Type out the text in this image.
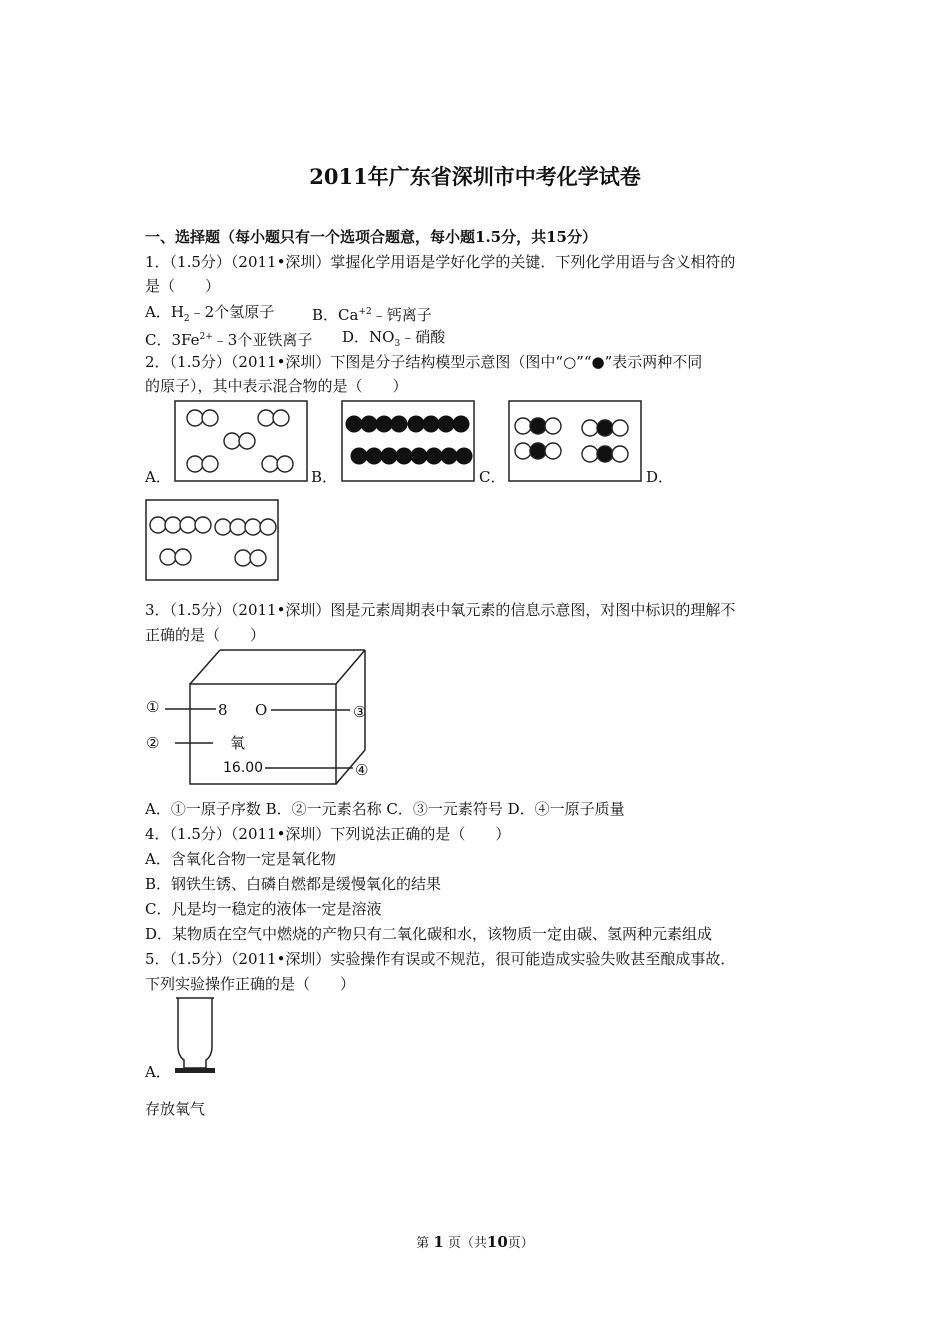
2011年广东省深圳市中考化学试卷
一、选择题（每小题只有一个选项合题意，每小题1.5分，共15分）
1．（1.5分）（2011•深圳）掌握化学用语是学好化学的关键．下列化学用语与含义相符的
是（　　）
A．$H_2﹣2$个氢原子	B．$Ca^{+2}﹣$钙离子
C．$3Fe^{2+}﹣3$个亚铁离子 D．$NO_3﹣$硝酸
2．（1.5分）（2011•深圳）下图是分子结构模型示意图（图中“○”“●”表示两种不同
的原子），其中表示混合物的是（　　）
A．	B．	C．	D．
3．（1.5分）（2011•深圳）图是元素周期表中氧元素的信息示意图，对图中标识的理解不
正确的是（　　）
8 O
氧
16.00
①
②
③
④
A．①一原子序数 B．②一元素名称 C．③一元素符号 D．④一原子质量
4．（1.5分）（2011•深圳）下列说法正确的是（　　）
A．含氧化合物一定是氧化物
B．钢铁生锈、白磷自燃都是缓慢氧化的结果
C．凡是均一稳定的液体一定是溶液
D．某物质在空气中燃烧的产物只有二氧化碳和水，该物质一定由碳、氢两种元素组成
5．（1.5分）（2011•深圳）实验操作有误或不规范，很可能造成实验失败甚至酿成事故．
下列实验操作正确的是（　　）
A．
存放氧气
第 1 页（共10页）
